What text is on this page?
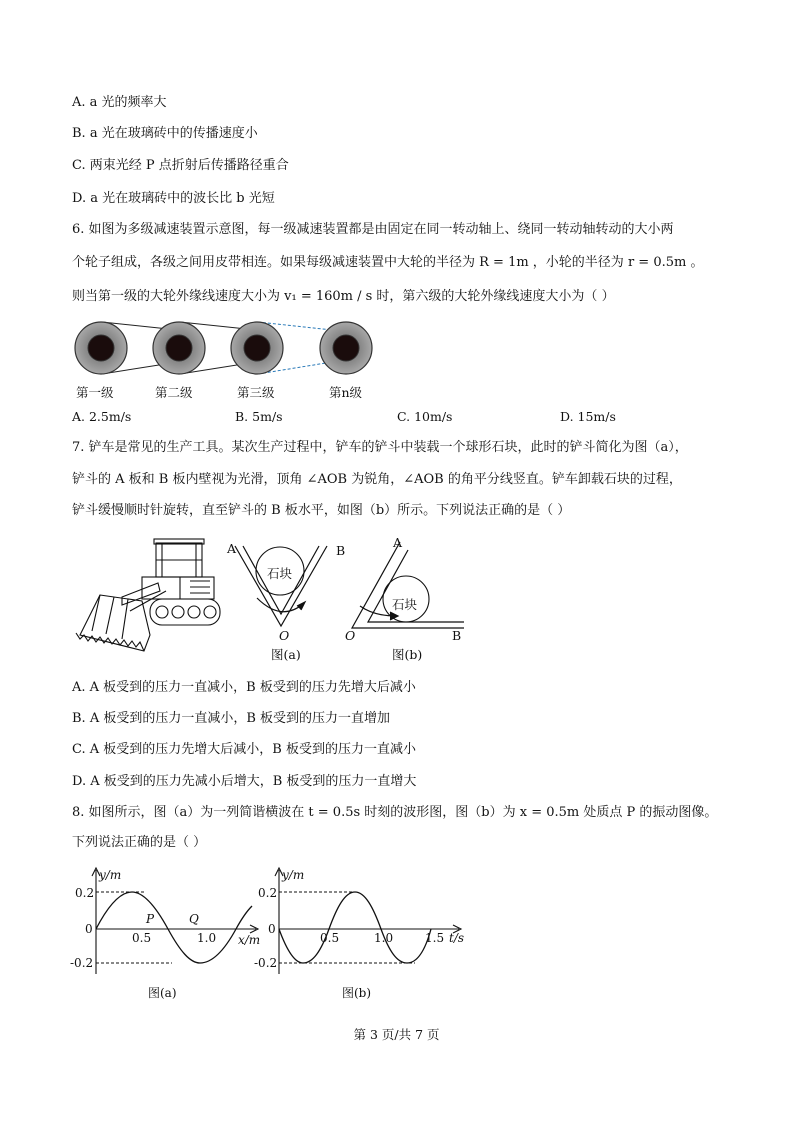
A. a 光的频率大
B. a 光在玻璃砖中的传播速度小
C. 两束光经 P 点折射后传播路径重合
D. a 光在玻璃砖中的波长比 b 光短
6. 如图为多级减速装置示意图，每一级减速装置都是由固定在同一转动轴上、绕同一转动轴转动的大小两
个轮子组成，各级之间用皮带相连。如果每级减速装置中大轮的半径为 R = 1m ，小轮的半径为 r = 0.5m 。
则当第一级的大轮外缘线速度大小为 v₁ = 160m / s 时，第六级的大轮外缘线速度大小为（ ）
第一级	第二级	第三级	第n级
A. 2.5m/s	B. 5m/s	C. 10m/s	D. 15m/s
7. 铲车是常见的生产工具。某次生产过程中，铲车的铲斗中装载一个球形石块，此时的铲斗简化为图（a），
铲斗的 A 板和 B 板内壁视为光滑，顶角 ∠AOB 为锐角，∠AOB 的角平分线竖直。铲车卸载石块的过程，
铲斗缓慢顺时针旋转，直至铲斗的 B 板水平，如图（b）所示。下列说法正确的是（ ）
A	B
石块
O
图(a)
A
石块
O	B
图(b)
A. A 板受到的压力一直减小，B 板受到的压力先增大后减小
B. A 板受到的压力一直减小，B 板受到的压力一直增加
C. A 板受到的压力先增大后减小，B 板受到的压力一直减小
D. A 板受到的压力先减小后增大，B 板受到的压力一直增大
8. 如图所示，图（a）为一列简谐横波在 t = 0.5s 时刻的波形图，图（b）为 x = 0.5m 处质点 P 的振动图像。
下列说法正确的是（ ）
y/m
0.2
0
-0.2
0.5	1.0 x/m
P	Q
图(a)
y/m
0.2
0
-0.2
0.5	1.0	1.5 t/s
图(b)
第 3 页/共 7 页
